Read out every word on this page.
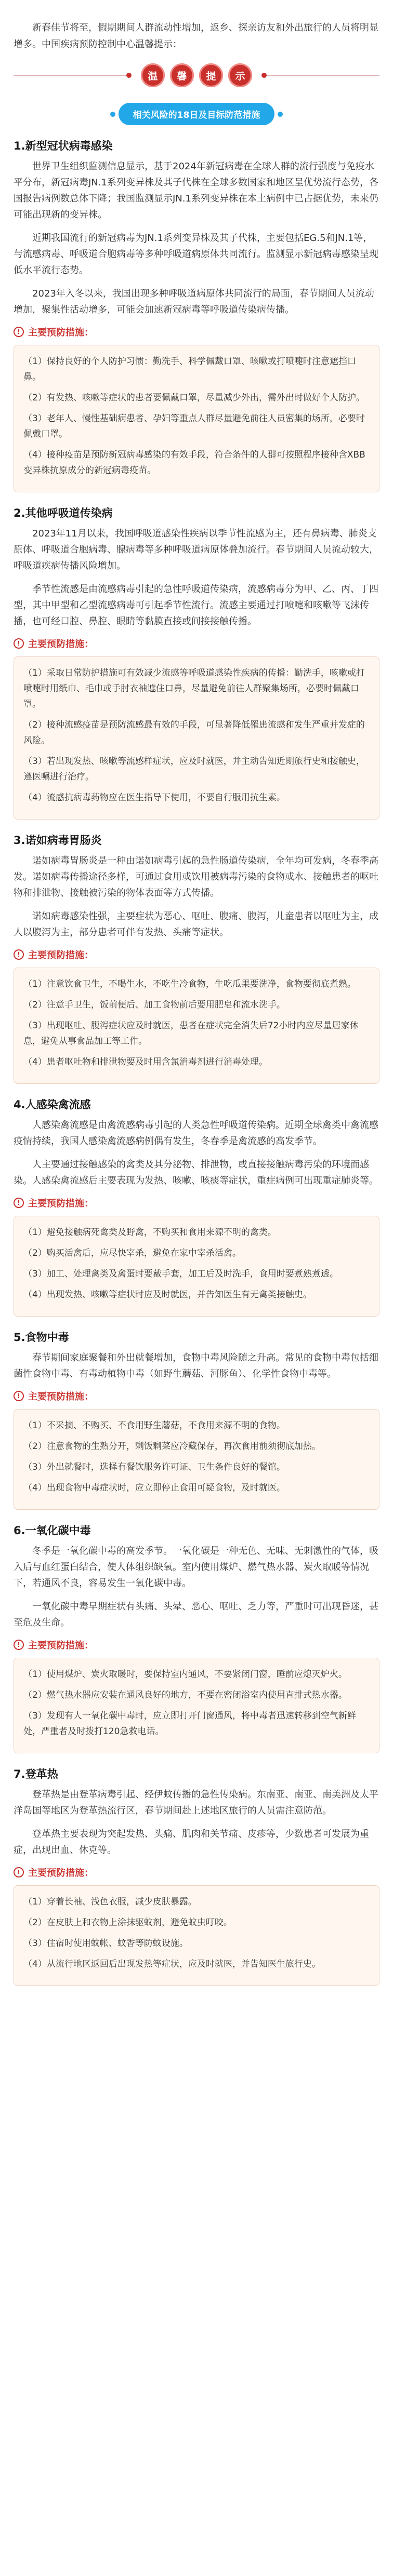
新春佳节将至，假期期间人群流动性增加，返乡、探亲访友和外出旅行的人员将明显增多。中国疾病预防控制中心温馨提示：

温	馨	提	示
相关风险的18日及目标防范措施
1.新型冠状病毒感染

世界卫生组织监测信息显示，基于2024年新冠病毒在全球人群的流行强度与免疫水平分布，新冠病毒JN.1系列变异株及其子代株在全球多数国家和地区呈优势流行态势，各国报告病例数总体下降；我国监测显示JN.1系列变异株在本土病例中已占据优势，未来仍可能出现新的变异株。

近期我国流行的新冠病毒为JN.1系列变异株及其子代株，主要包括EG.5和JN.1等，与流感病毒、呼吸道合胞病毒等多种呼吸道病原体共同流行。监测显示新冠病毒感染呈现低水平流行态势。

2023年入冬以来，我国出现多种呼吸道病原体共同流行的局面，春节期间人员流动增加，聚集性活动增多，可能会加速新冠病毒等呼吸道传染病传播。

! 主要预防措施：
（1）保持良好的个人防护习惯：勤洗手、科学佩戴口罩、咳嗽或打喷嚏时注意遮挡口鼻。
（2）有发热、咳嗽等症状的患者要佩戴口罩，尽量减少外出，需外出时做好个人防护。
（3）老年人、慢性基础病患者、孕妇等重点人群尽量避免前往人员密集的场所，必要时佩戴口罩。
（4）接种疫苗是预防新冠病毒感染的有效手段，符合条件的人群可按照程序接种含XBB变异株抗原成分的新冠病毒疫苗。
2.其他呼吸道传染病

2023年11月以来，我国呼吸道感染性疾病以季节性流感为主，还有鼻病毒、肺炎支原体、呼吸道合胞病毒、腺病毒等多种呼吸道病原体叠加流行。春节期间人员流动较大，呼吸道疾病传播风险增加。

季节性流感是由流感病毒引起的急性呼吸道传染病，流感病毒分为甲、乙、丙、丁四型，其中甲型和乙型流感病毒可引起季节性流行。流感主要通过打喷嚏和咳嗽等飞沫传播，也可经口腔、鼻腔、眼睛等黏膜直接或间接接触传播。

! 主要预防措施：
（1）采取日常防护措施可有效减少流感等呼吸道感染性疾病的传播：勤洗手，咳嗽或打喷嚏时用纸巾、毛巾或手肘衣袖遮住口鼻，尽量避免前往人群聚集场所，必要时佩戴口罩。
（2）接种流感疫苗是预防流感最有效的手段，可显著降低罹患流感和发生严重并发症的风险。
（3）若出现发热、咳嗽等流感样症状，应及时就医，并主动告知近期旅行史和接触史，遵医嘱进行治疗。
（4）流感抗病毒药物应在医生指导下使用，不要自行服用抗生素。
3.诺如病毒胃肠炎

诺如病毒胃肠炎是一种由诺如病毒引起的急性肠道传染病，全年均可发病，冬春季高发。诺如病毒传播途径多样，可通过食用或饮用被病毒污染的食物或水、接触患者的呕吐物和排泄物、接触被污染的物体表面等方式传播。

诺如病毒感染性强，主要症状为恶心、呕吐、腹痛、腹泻，儿童患者以呕吐为主，成人以腹泻为主，部分患者可伴有发热、头痛等症状。

! 主要预防措施：
（1）注意饮食卫生，不喝生水，不吃生冷食物，生吃瓜果要洗净，食物要彻底煮熟。
（2）注意手卫生，饭前便后、加工食物前后要用肥皂和流水洗手。
（3）出现呕吐、腹泻症状应及时就医，患者在症状完全消失后72小时内应尽量居家休息，避免从事食品加工等工作。
（4）患者呕吐物和排泄物要及时用含氯消毒剂进行消毒处理。
4.人感染禽流感

人感染禽流感是由禽流感病毒引起的人类急性呼吸道传染病。近期全球禽类中禽流感疫情持续，我国人感染禽流感病例偶有发生，冬春季是禽流感的高发季节。

人主要通过接触感染的禽类及其分泌物、排泄物，或直接接触病毒污染的环境而感染。人感染禽流感后主要表现为发热、咳嗽、咳痰等症状，重症病例可出现重症肺炎等。

! 主要预防措施：
（1）避免接触病死禽类及野禽，不购买和食用来源不明的禽类。
（2）购买活禽后，应尽快宰杀，避免在家中宰杀活禽。
（3）加工、处理禽类及禽蛋时要戴手套，加工后及时洗手，食用时要煮熟煮透。
（4）出现发热、咳嗽等症状时应及时就医，并告知医生有无禽类接触史。
5.食物中毒

春节期间家庭聚餐和外出就餐增加，食物中毒风险随之升高。常见的食物中毒包括细菌性食物中毒、有毒动植物中毒（如野生蘑菇、河豚鱼）、化学性食物中毒等。

! 主要预防措施：
（1）不采摘、不购买、不食用野生蘑菇，不食用来源不明的食物。
（2）注意食物的生熟分开，剩饭剩菜应冷藏保存，再次食用前须彻底加热。
（3）外出就餐时，选择有餐饮服务许可证、卫生条件良好的餐馆。
（4）出现食物中毒症状时，应立即停止食用可疑食物，及时就医。
6.一氧化碳中毒

冬季是一氧化碳中毒的高发季节。一氧化碳是一种无色、无味、无刺激性的气体，吸入后与血红蛋白结合，使人体组织缺氧。室内使用煤炉、燃气热水器、炭火取暖等情况下，若通风不良，容易发生一氧化碳中毒。

一氧化碳中毒早期症状有头痛、头晕、恶心、呕吐、乏力等，严重时可出现昏迷，甚至危及生命。

! 主要预防措施：
（1）使用煤炉、炭火取暖时，要保持室内通风，不要紧闭门窗，睡前应熄灭炉火。
（2）燃气热水器应安装在通风良好的地方，不要在密闭浴室内使用直排式热水器。
（3）发现有人一氧化碳中毒时，应立即打开门窗通风，将中毒者迅速转移到空气新鲜处，严重者及时拨打120急救电话。
7.登革热

登革热是由登革病毒引起、经伊蚊传播的急性传染病。东南亚、南亚、南美洲及太平洋岛国等地区为登革热流行区，春节期间赴上述地区旅行的人员需注意防范。

登革热主要表现为突起发热、头痛、肌肉和关节痛、皮疹等，少数患者可发展为重症，出现出血、休克等。

! 主要预防措施：
（1）穿着长袖、浅色衣服，减少皮肤暴露。
（2）在皮肤上和衣物上涂抹驱蚊剂，避免蚊虫叮咬。
（3）住宿时使用蚊帐、蚊香等防蚊设施。
（4）从流行地区返回后出现发热等症状，应及时就医，并告知医生旅行史。
